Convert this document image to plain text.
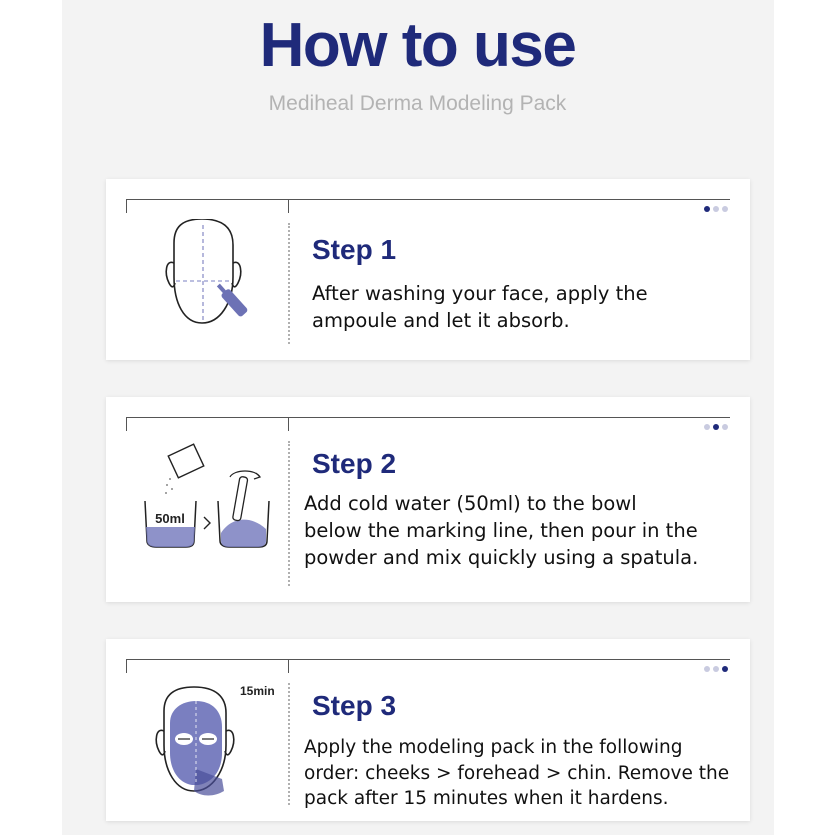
How to use
Mediheal Derma Modeling Pack
Step 1
After washing your face, apply the
ampoule and let it absorb.
50ml
Step 2
Add cold water (50ml) to the bowl
below the marking line, then pour in the
powder and mix quickly using a spatula.
15min Step 3
Apply the modeling pack in the following
order: cheeks > forehead > chin. Remove the
pack after 15 minutes when it hardens.
